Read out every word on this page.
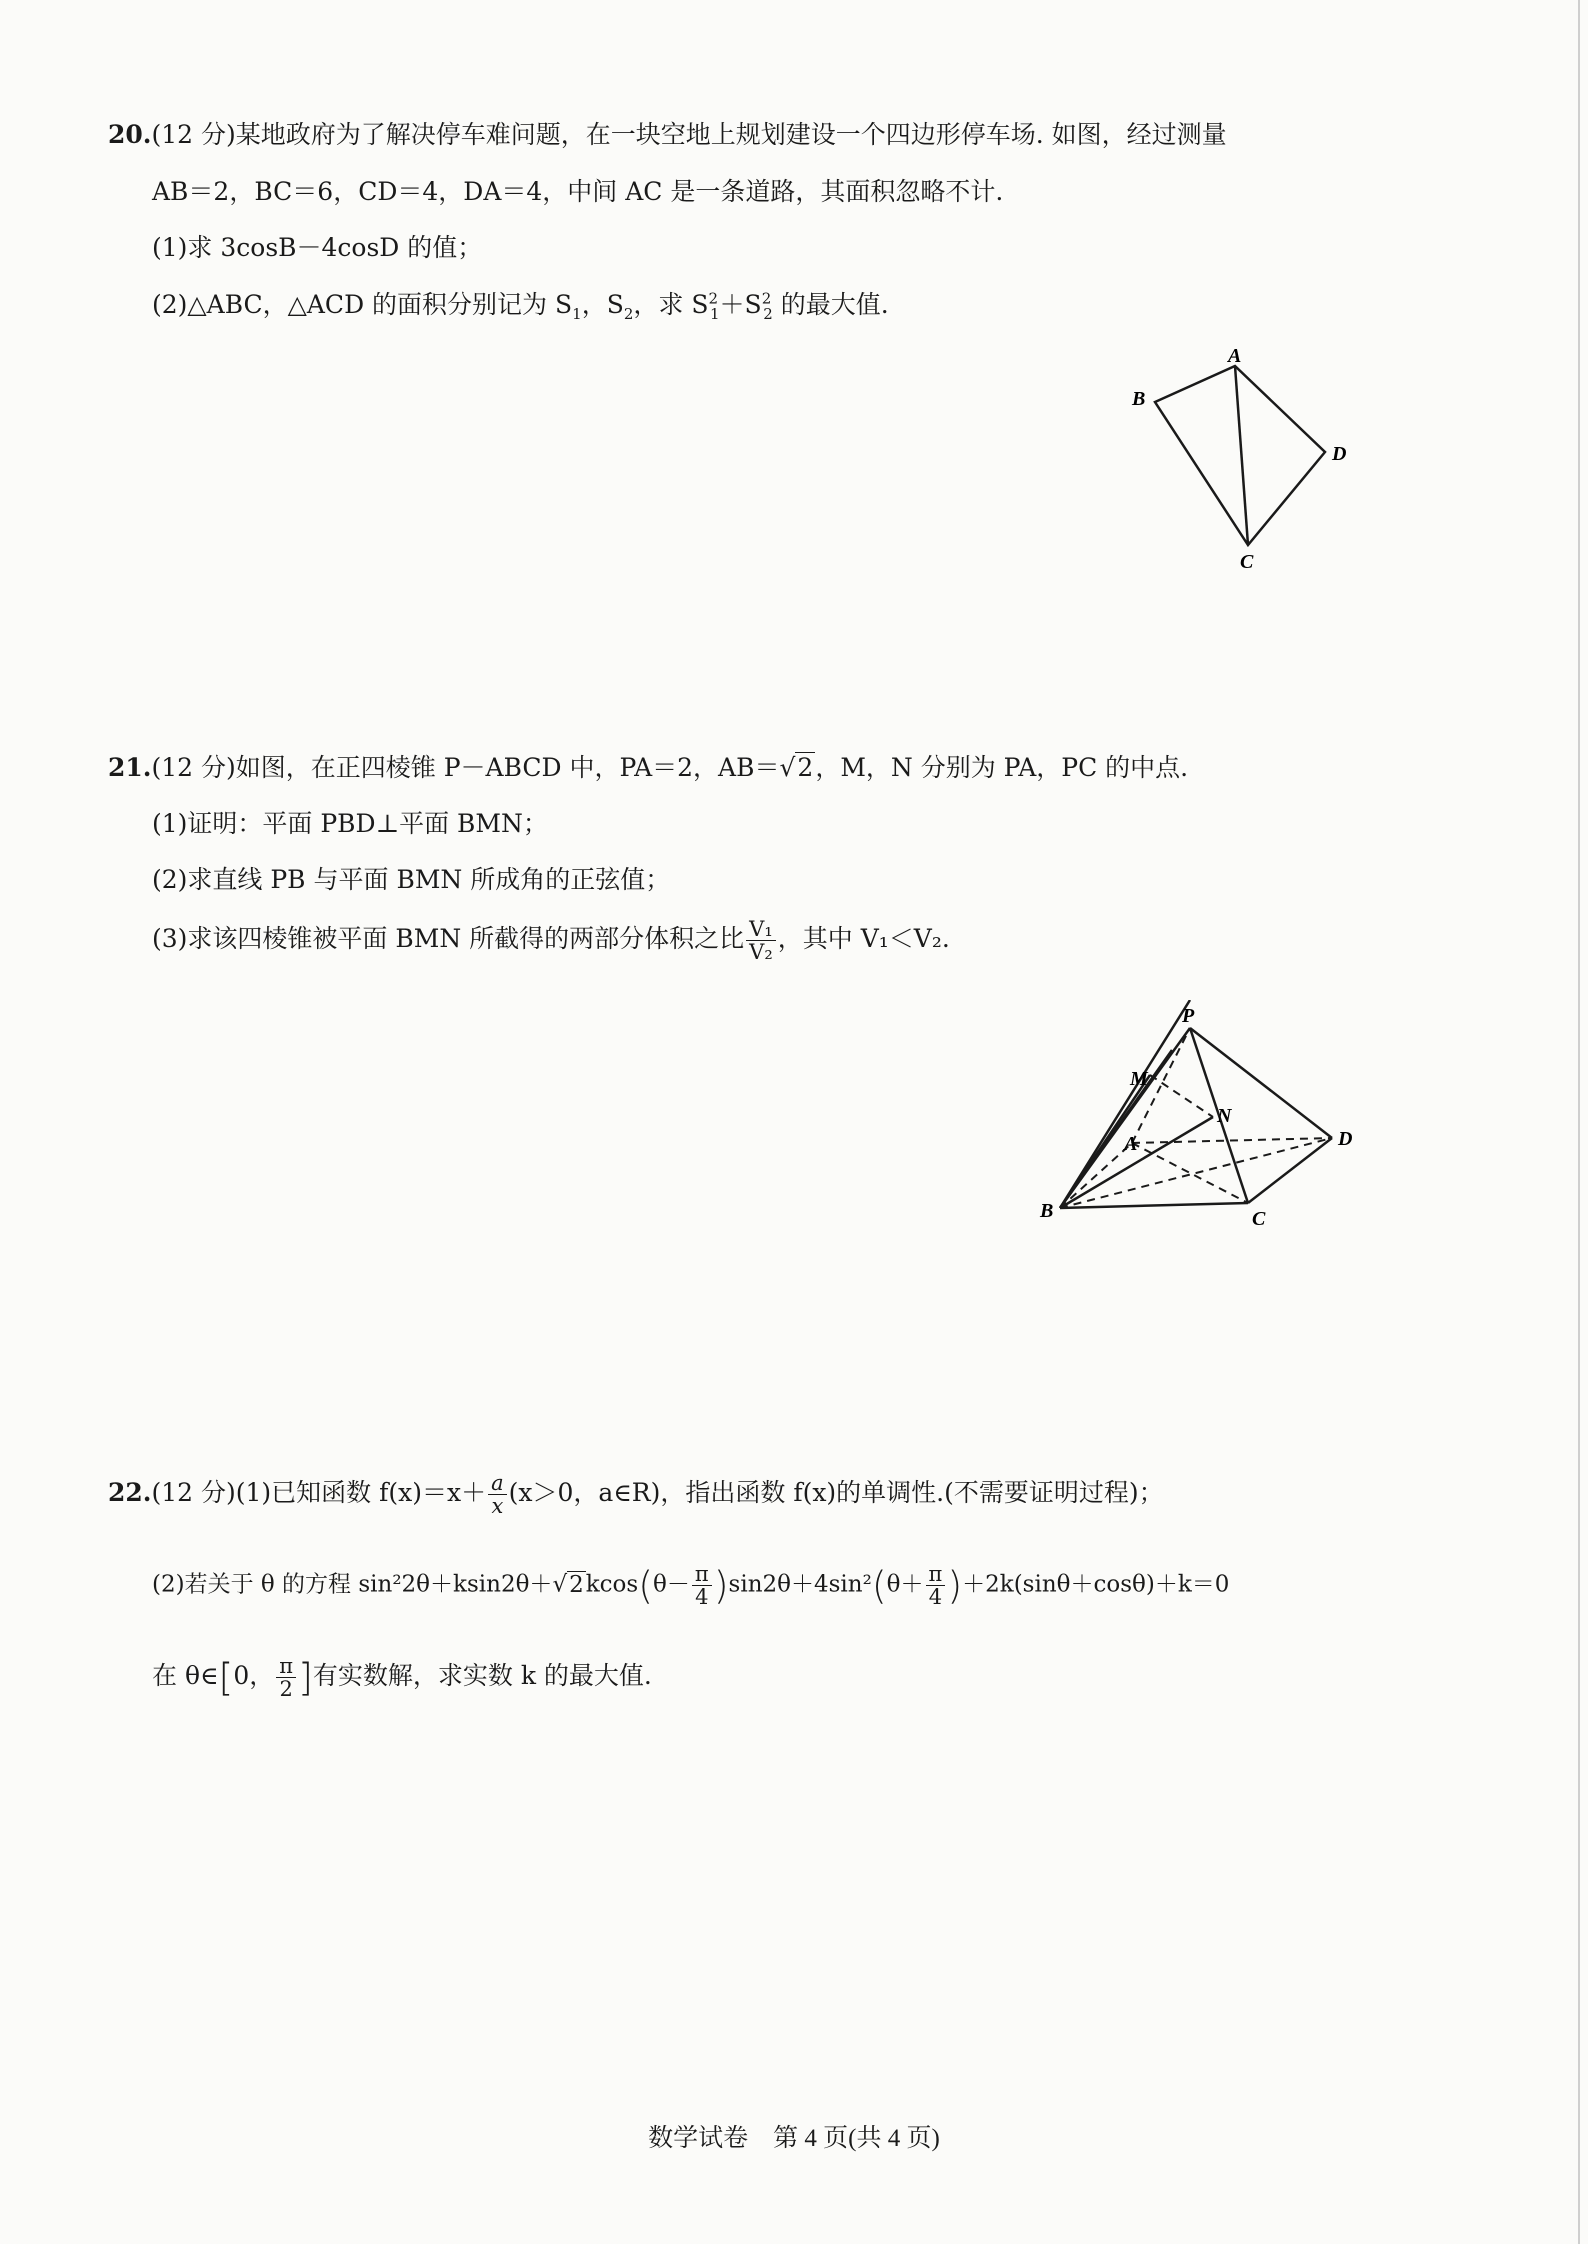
20.(12 分)某地政府为了解决停车难问题，在一块空地上规划建设一个四边形停车场. 如图，经过测量
AB＝2，BC＝6，CD＝4，DA＝4，中间 AC 是一条道路，其面积忽略不计.
(1)求 3cosB－4cosD 的值；
(2)△ABC，△ACD 的面积分别记为 $S_1$，$S_2$，求 $S^2_1+S^2_2$ 的最大值.
A
B
C
D
21.(12 分)如图，在正四棱锥 P－ABCD 中，PA＝2，AB＝√2，M，N 分别为 PA，PC 的中点.
(1)证明：平面 PBD⊥平面 BMN；
(2)求直线 PB 与平面 BMN 所成角的正弦值；
(3)求该四棱锥被平面 BMN 所截得的两部分体积之比 $\frac{\text{V₁}}{\text{V₂}}$ ，其中 V₁＜V₂.
P
M
N
A	D
B	C
22.(12 分)(1)已知函数 $f(x)=x+ \frac{a}{x} (x>0$，a∈R)，指出函数 f(x)的单调性.(不需要证明过程)；
(2)若关于 θ 的方程 $\sin^22\theta+ksin2\theta+√2kcos(\theta- \frac{\pi}{4} )\sin 2\theta+4\sin^2(\theta+ \frac{\pi}{4} )+2k(\sin\theta+\cos\theta)+k=0$
在 θ∈[0， $\frac{\pi}{2}$ ]有实数解，求实数 k 的最大值.
数学试卷　第 4 页(共 4 页)
